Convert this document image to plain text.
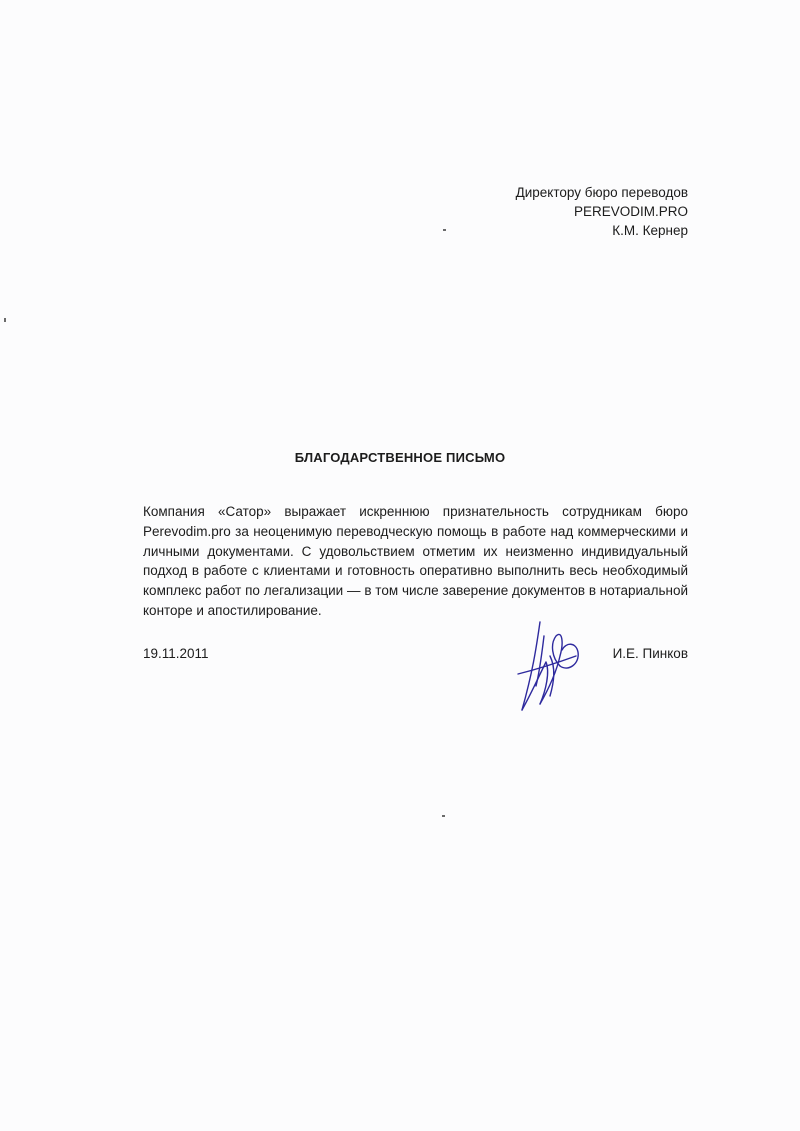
Директору бюро переводов
PEREVODIM.PRO
К.М. Кернер
БЛАГОДАРСТВЕННОЕ ПИСЬМО
Компания «Сатор» выражает искреннюю признательность сотрудникам бюро Perevodim.pro за неоценимую переводческую помощь в работе над коммерческими и личными документами. С удовольствием отметим их неизменно индивидуальный подход в работе с клиентами и готовность оперативно выполнить весь необходимый комплекс работ по легализации — в том числе заверение документов в нотариальной конторе и апостилирование.
19.11.2011	И.Е. Пинков
